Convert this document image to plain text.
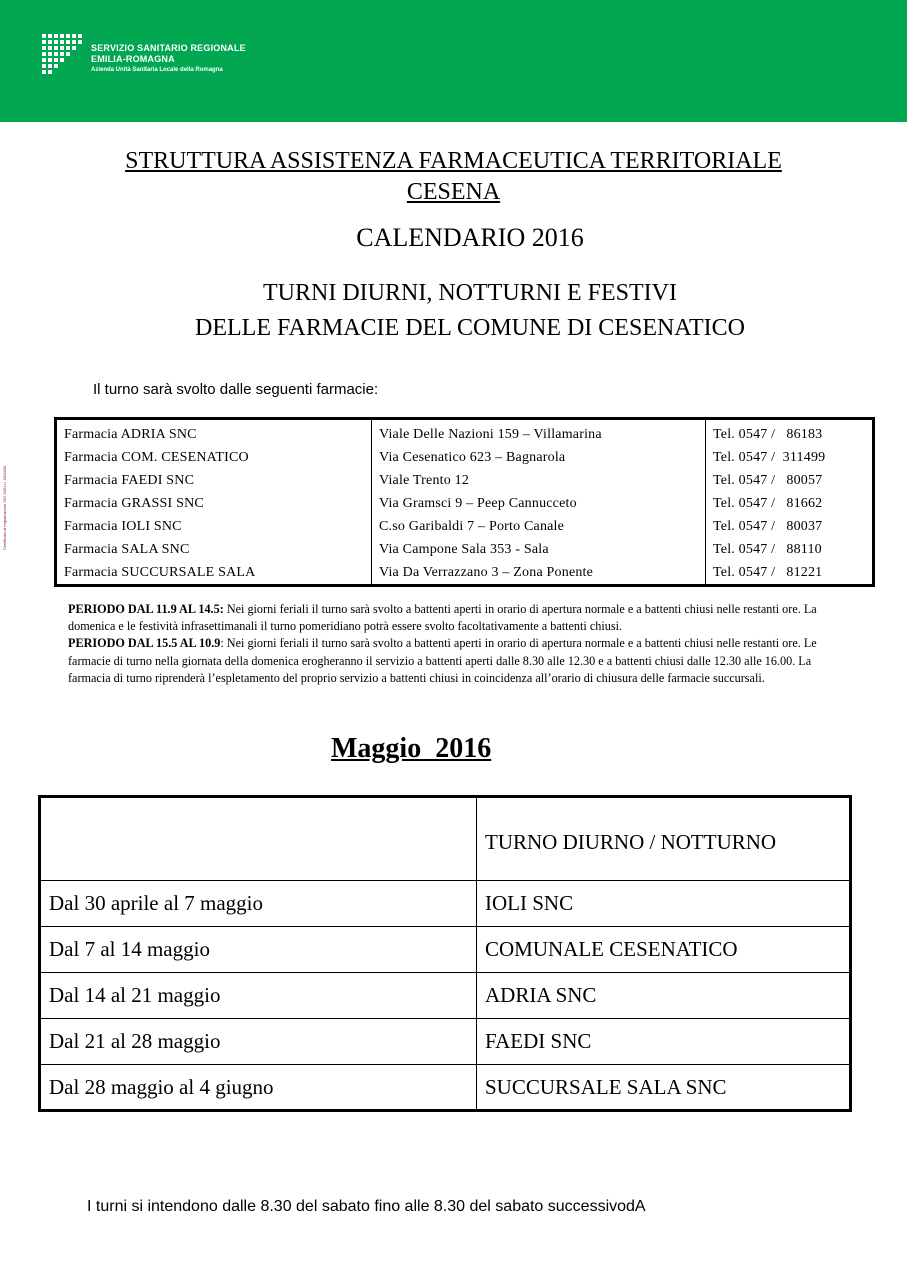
SERVIZIO SANITARIO REGIONALE
EMILIA-ROMAGNA
Azienda Unità Sanitaria Locale della Romagna
Certificato di registrazione ISO 9001 n. 0000/00
STRUTTURA ASSISTENZA FARMACEUTICA TERRITORIALE
CESENA
CALENDARIO 2016
TURNI DIURNI, NOTTURNI E FESTIVI
DELLE FARMACIE DEL COMUNE DI CESENATICO
Il turno sarà svolto dalle seguenti farmacie:
Farmacia ADRIA SNC	Viale Delle Nazioni 159 – Villamarina	Tel. 0547 /   86183
Farmacia COM. CESENATICO	Via Cesenatico 623 – Bagnarola	Tel. 0547 /  311499
Farmacia FAEDI SNC	Viale Trento 12	Tel. 0547 /   80057
Farmacia GRASSI SNC	Via Gramsci 9 – Peep Cannucceto	Tel. 0547 /   81662
Farmacia IOLI SNC	C.so Garibaldi 7 – Porto Canale	Tel. 0547 /   80037
Farmacia SALA SNC	Via Campone Sala 353 - Sala	Tel. 0547 /   88110
Farmacia SUCCURSALE SALA	Via Da Verrazzano 3 – Zona Ponente	Tel. 0547 /   81221
PERIODO DAL 11.9 AL 14.5: Nei giorni feriali il turno sarà svolto a battenti aperti in orario di apertura normale e a battenti chiusi nelle restanti ore. La domenica e le festività infrasettimanali il turno pomeridiano potrà essere svolto facoltativamente a battenti chiusi.
PERIODO DAL 15.5 AL 10.9: Nei giorni feriali il turno sarà svolto a battenti aperti in orario di apertura normale e a battenti chiusi nelle restanti ore. Le farmacie di turno nella giornata della domenica erogheranno il servizio a battenti aperti dalle 8.30 alle 12.30 e a battenti chiusi dalle 12.30 alle 16.00. La farmacia di turno riprenderà l’espletamento del proprio servizio a battenti chiusi in coincidenza all’orario di chiusura delle farmacie succursali.
Maggio  2016
	TURNO DIURNO / NOTTURNO
Dal 30 aprile al 7 maggio	IOLI SNC
Dal 7 al 14 maggio	COMUNALE CESENATICO
Dal 14 al 21 maggio	ADRIA SNC
Dal 21 al 28 maggio	FAEDI SNC
Dal 28 maggio al 4 giugno	SUCCURSALE SALA SNC
I turni si intendono dalle 8.30 del sabato fino alle 8.30 del sabato successivodA
